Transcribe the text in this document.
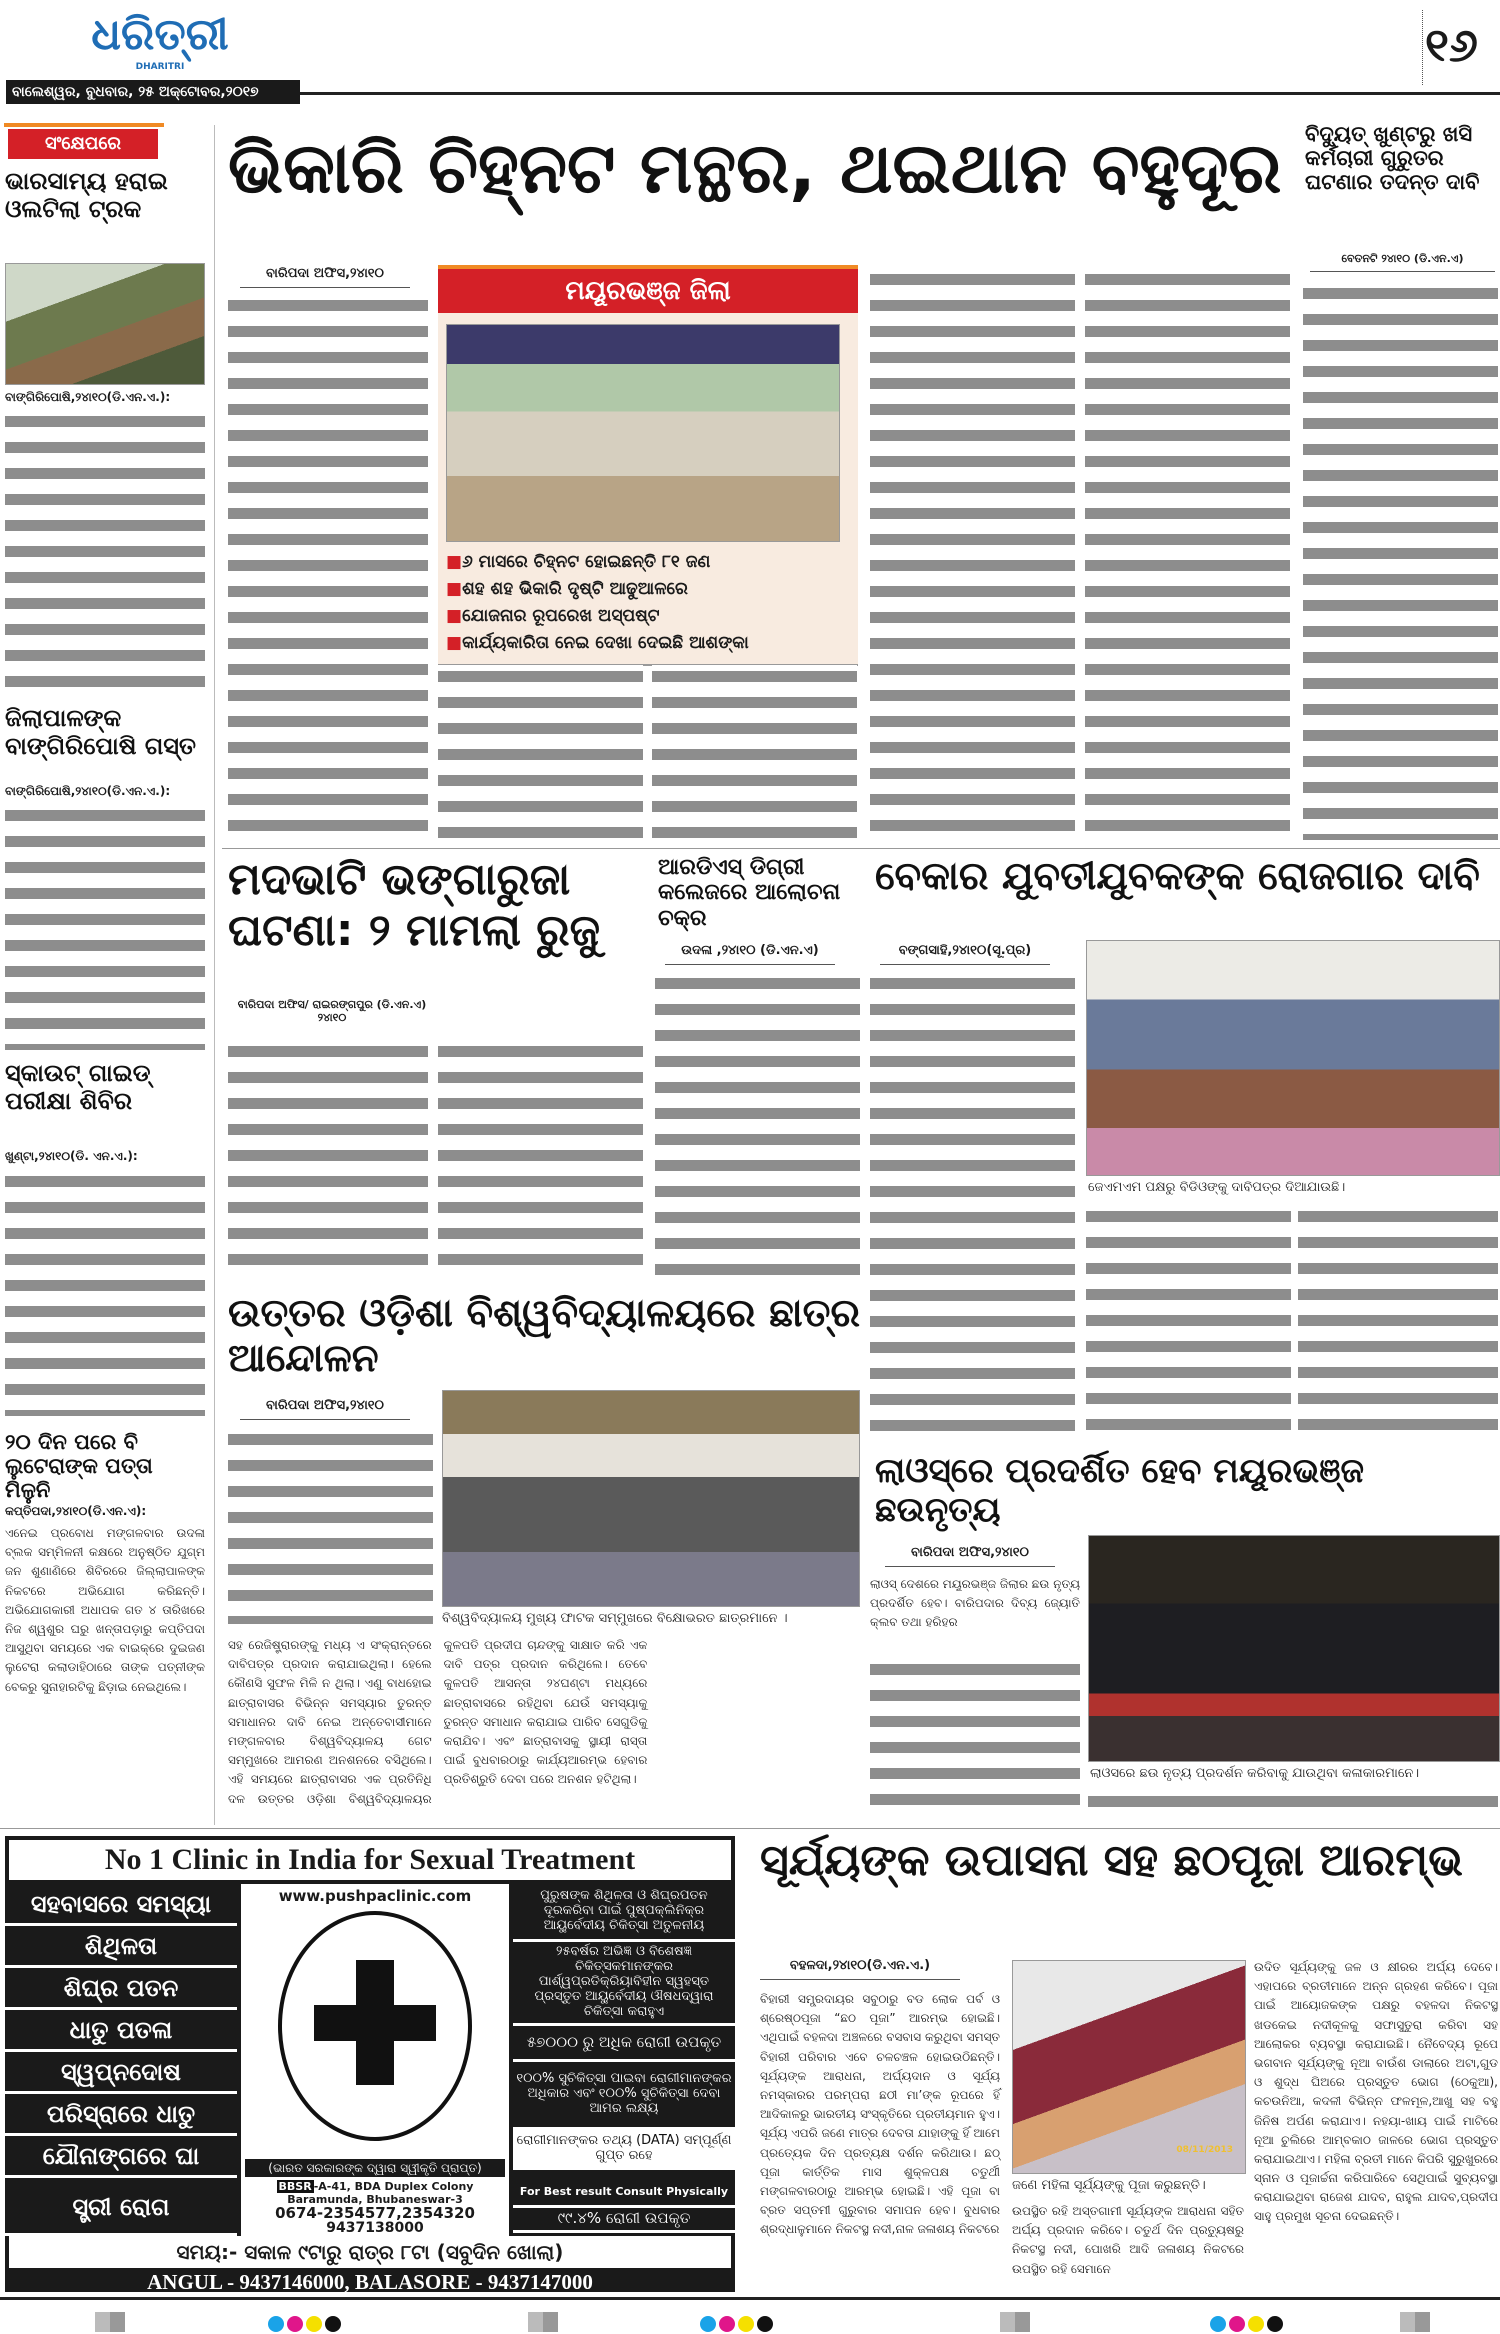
ଧରିତ୍ରୀ
DHARITRI
ବାଲେଶ୍ୱର, ବୁଧବାର, ୨୫ ଅକ୍ଟୋବର,୨୦୧୭
୧୬
ସଂକ୍ଷେପରେ
ଭାରସାମ୍ୟ ହରାଇ ଓଲଟିଲା ଟ୍ରକ
ବାଙ୍ଗିରିପୋଷି,୨୪ା୧୦(ଡି.ଏନ.ଏ.):
ଜିଲାପାଳଙ୍କ ବାଙ୍ଗିରିପୋଷି ଗସ୍ତ
ବାଙ୍ଗିରିପୋଷି,୨୪ା୧୦(ଡି.ଏନ.ଏ.):
ସ୍କାଉଟ୍ ଗାଇଡ୍ ପରୀକ୍ଷା ଶିବିର
ଖୁଣ୍ଟା,୨୪ା୧୦(ଡି. ଏନ.ଏ.):
୨୦ ଦିନ ପରେ ବି ଲୁଟେରାଙ୍କ ପତ୍ତା ମିଳୁନି
କପ୍ତିପଦା,୨୪ା୧୦(ଡି.ଏନ.ଏ):
ଏନେଇ ପ୍ରବୋଧ ମଙ୍ଗଳବାର ଉଦଳା ବ୍ଲକ ସମ୍ମିଳନୀ କକ୍ଷରେ ଅନୁଷ୍ଠିତ ଯୁଗ୍ମ ଜନ ଶୁଣାଣିରେ ଶିବିରରେ ଜିଲ୍ଲାପାଳଙ୍କ ନିକଟରେ ଅଭିଯୋଗ କରିଛନ୍ତି। ଅଭିଯୋଗକାରୀ ଅଧାପକ ଗତ ୪ ତାରିଖରେ ନିଜ ଶ୍ୱଶୁର ଘରୁ ଖନ୍ତାପଡ଼ାରୁ କପ୍ତିପଦା ଆସୁଥିବା ସମୟରେ ଏକ ବାଇକ୍‌ରେ ଦୁଇଜଣ ଲୁଟେରା କଲାଡାହିଠାରେ ତାଙ୍କ ପତ୍ନୀଙ୍କ ବେକରୁ ସୁନାହାରଟିକୁ ଛିଡ଼ାଇ ନେଇଥିଲେ।
ଭିକାରି ଚିହ୍ନଟ ମନ୍ଥର, ଥଇଥାନ ବହୁଦୂର
ବାରିପଦା ଅଫିସ,୨୪ା୧୦
ମୟୂରଭଞ୍ଜ ଜିଲା
■୬ ମାସରେ ଚିହ୍ନଟ ହୋଇଛନ୍ତି ୮୧ ଜଣ
■ଶହ ଶହ ଭିକାରି ଦୃଷ୍ଟି ଆଢୁଆଳରେ
■ଯୋଜନାର ରୂପରେଖ ଅସ୍ପଷ୍ଟ
■କାର୍ଯ୍ୟକାରିତା ନେଇ ଦେଖା ଦେଇଛି ଆଶଙ୍କା
ବିଦ୍ୟୁତ୍ ଖୁଣ୍ଟରୁ ଖସି କର୍ମଚାରୀ ଗୁରୁତର ଘଟଣାର ତଦନ୍ତ ଦାବି
ବେତନଟି ୨୪ା୧୦ (ଡି.ଏନ.ଏ)
ମଦଭାଟି ଭଙ୍ଗାରୁଜା ଘଟଣା: ୨ ମାମଲା ରୁଜୁ
ବାରିପଦା ଅଫିସ/ ରାଇରଙ୍ଗପୁର (ଡି.ଏନ.ଏ) ୨୪ା୧୦
ଆରଡିଏସ୍ ଡିଗ୍ରୀ କଲେଜରେ ଆଲୋଚନା ଚକ୍ର
ଉଦଳା ,୨୪ା୧୦ (ଡି.ଏନ.ଏ)
ବେକାର ଯୁବତୀଯୁବକଙ୍କ ରୋଜଗାର ଦାବି
ବଙ୍ଗସାହି,୨୪ା୧୦(ସୂ.ପ୍ର)
ଜେଏମଏମ ପକ୍ଷରୁ ବିଡିଓଙ୍କୁ ଦାବିପତ୍ର ଦିଆଯାଉଛି।
ଉତ୍ତର ଓଡ଼ିଶା ବିଶ୍ୱବିଦ୍ୟାଳୟରେ ଛାତ୍ର ଆନ୍ଦୋଳନ
ବାରିପଦା ଅଫିସ,୨୪ା୧୦
ବିଶ୍ୱବିଦ୍ୟାଳୟ ମୁଖ୍ୟ ଫାଟକ ସମ୍ମୁଖରେ ବିକ୍ଷୋଭରତ ଛାତ୍ରମାନେ ।
ସହ ରେଜିଷ୍ଟ୍ରାରଙ୍କୁ ମଧ୍ୟ ଏ ସଂକ୍ରାନ୍ତରେ ଦାବିପତ୍ର ପ୍ରଦାନ କରାଯାଇଥିଲା। ହେଲେ କୌଣସି ସୁଫଳ ମିଳି ନ ଥିଲା। ଏଣୁ ବାଧହୋଇ ଛାତ୍ରାବାସର ବିଭିନ୍ନ ସମସ୍ୟାର ତୁରନ୍ତ ସମାଧାନର ଦାବି ନେଇ ଅନ୍ତେବାସୀମାନେ ମଙ୍ଗଳବାର ବିଶ୍ୱବିଦ୍ୟାଳୟ ଗେଟ ସମ୍ମୁଖରେ ଆମରଣ ଅନଶନରେ ବସିଥିଲେ। ଏହି ସମୟରେ ଛାତ୍ରାବାସର ଏକ ପ୍ରତିନିଧି ଦଳ ଉତ୍ତର ଓଡ଼ିଶା ବିଶ୍ୱବିଦ୍ୟାଳୟର କୁଳପତି ପ୍ରଦୀପ ଚାନ୍ଦଙ୍କୁ ସାକ୍ଷାତ କରି ଏକ ଦାବି ପତ୍ର ପ୍ରଦାନ କରିଥିଲେ। ତେବେ କୁଳପତି ଆସନ୍ତା ୨୪ଘଣ୍ଟା ମଧ୍ୟରେ ଛାତ୍ରାବାସରେ ରହିଥିବା ଯେଉଁ ସମସ୍ୟାକୁ ତୁରନ୍ତ ସମାଧାନ କରାଯାଇ ପାରିବ ସେଗୁଡିକୁ କରାଯିବ। ଏବଂ ଛାତ୍ରାବାସକୁ ସ୍ଥାୟୀ ରାସ୍ତା ପାଇଁ ବୁଧବାରଠାରୁ କାର୍ଯ୍ୟଆରମ୍ଭ ହେବାର ପ୍ରତିଶ୍ରୁତି ଦେବା ପରେ ଅନଶନ ହଟିଥିଲା।
ଲାଓସ୍‌ରେ ପ୍ରଦର୍ଶିତ ହେବ ମୟୂରଭଞ୍ଜ ଛଉନୃତ୍ୟ
ବାରିପଦା ଅଫିସ,୨୪ା୧୦
ଲାଓସ୍ ଦେଶରେ ମୟୂରଭଞ୍ଜ ଜିଲାର ଛଉ ନୃତ୍ୟ ପ୍ରଦର୍ଶିତ ହେବ। ବାରିପଦାର ଦିବ୍ୟ ଜ୍ୟୋତି କ୍ଲବ ତଥା ହରିହର
ଲାଓସରେ ଛଉ ନୃତ୍ୟ ପ୍ରଦର୍ଶନ କରିବାକୁ ଯାଉଥିବା କଳାକାରମାନେ।
No 1 Clinic in India for Sexual Treatment
ସହବାସରେ ସମସ୍ୟା
ଶିଥିଳତା
ଶିଘ୍ର ପତନ
ଧାତୁ ପତଳା
ସ୍ୱପ୍ନଦୋଷ
ପରିସ୍ରାରେ ଧାତୁ
ଯୌନାଙ୍ଗରେ ଘା
www.pushpaclinic.com
(ଭାରତ ସରକାରଙ୍କ ଦ୍ୱାରା ସ୍ୱୀକୃତି ପ୍ରାପ୍ତ)
ପୁରୁଷଙ୍କ ଶିଥିଳତା ଓ ଶିଘ୍ରପତନ ଦୂରକରିବା ପାଇଁ ପୁଷ୍ପକ୍ଲିନିକ୍‌ର ଆୟୁର୍ବେଦୀୟ ଚିକିତ୍ସା ଅତୁଳନୀୟ
୨୫ବର୍ଷର ଅଭିଜ୍ଞ ଓ ବିଶେଷଜ୍ଞ ଚିକିତ୍ସକମାନଙ୍କର ପାର୍ଶ୍ୱପ୍ରତିକ୍ରିୟାବିହୀନ ସ୍ୱହସ୍ତ ପ୍ରସ୍ତୁତ ଆୟୁର୍ବେଦୀୟ ଔଷଧଦ୍ୱାରା ଚିକିତ୍ସା କରାହୁଏ
୫୭୦୦୦ ରୁ ଅଧିକ ରୋଗୀ ଉପକୃତ
୧୦୦% ସୁଚିକିତ୍ସା ପାଇବା ରୋଗୀମାନଙ୍କର ଅଧିକାର ଏବଂ ୧୦୦% ସୁଚିକିତ୍ସା ଦେବା ଆମର ଲକ୍ଷ୍ୟ
ରୋଗୀମାନଙ୍କର ତଥ୍ୟ (DATA) ସମ୍ପୂର୍ଣ୍ଣ ଗୁପ୍ତ ରହେ
ସ୍ତ୍ରୀ ରୋଗ
BBSR -A-41, BDA Duplex Colony
Baramunda, Bhubaneswar-3
0674-2354577,2354320
9437138000
For Best result Consult Physically
୯୯.୪% ରୋଗୀ ଉପକୃତ
ସମୟ:- ସକାଳ ୯ଟାରୁ ରାତ୍ର ୮ଟା (ସବୁଦିନ ଖୋଲା)
ANGUL - 9437146000, BALASORE - 9437147000
ସୂର୍ଯ୍ୟଙ୍କ ଉପାସନା ସହ ଛଠପୂଜା ଆରମ୍ଭ
ବହଳଦା,୨୪ା୧୦(ଡି.ଏନ.ଏ.)
ବିହାରୀ ସମ୍ପ୍ରଦାୟର ସବୁଠାରୁ ବଡ ଲୋକ ପର୍ବ ଓ ଶ୍ରେଷ୍ଠପୂଜା “ଛଠ ପୂଜା” ଆରମ୍ଭ ହୋଇଛି। ଏଥିପାଇଁ ବହଳଦା ଅଞ୍ଚଳରେ ବସବାସ କରୁଥିବା ସମସ୍ତ ବିହାରୀ ପରିବାର ଏବେ ଚଳଚଞ୍ଚଳ ହୋଇଉଠିଛନ୍ତି। ସୂର୍ଯ୍ୟଙ୍କ ଆରାଧନା, ଅର୍ଘ୍ୟଦାନ ଓ ସୂର୍ଯ୍ୟ ନମସ୍କାରର ପରମ୍ପରା ଛଠୀ ମା’ଙ୍କ ରୂପରେ ହିଁ ଆଦିକାଳରୁ ଭାରତୀୟ ସଂସ୍କୃତିରେ ପ୍ରତୀୟମାନ ହୁଏ। ସୂର୍ଯ୍ୟ ଏପରି ଜଣେ ମାତ୍ର ଦେବତା ଯାହାଙ୍କୁ ହିଁ ଆମେ ପ୍ରତ୍ୟେକ ଦିନ ପ୍ରତ୍ୟକ୍ଷ ଦର୍ଶନ କରିଥାଉ। ଛଠ୍ ପୂଜା କାର୍ତ୍ତିକ ମାସ ଶୁକ୍ଳପକ୍ଷ ଚତୁର୍ଥୀ ମଙ୍ଗଳବାରଠାରୁ ଆରମ୍ଭ ହୋଇଛି। ଏହି ପୂଜା ବା ବ୍ରତ ସପ୍ତମୀ ଗୁରୁବାର ସମାପନ ହେବ। ବୁଧବାର ଶ୍ରଦ୍ଧାଳୁମାନେ ନିକଟସ୍ଥ ନଦୀ,ନାଳ ଜଳାଶୟ ନିକଟରେ
08/11/2013
ଜଣେ ମହିଳା ସୂର୍ଯ୍ୟଙ୍କୁ ପୂଜା କରୁଛନ୍ତି।
ଉପସ୍ଥିତ ରହି ଅସ୍ତଗାମୀ ସୂର୍ଯ୍ୟଙ୍କ ଆରାଧନା ସହିତ ଅର୍ଘ୍ୟ ପ୍ରଦାନ କରିବେ। ଚତୁର୍ଥ ଦିନ ପ୍ରତ୍ୟୁଷରୁ ନିକଟସ୍ଥ ନଦୀ, ପୋଖରି ଆଦି ଜଳାଶୟ ନିକଟରେ ଉପସ୍ଥିତ ରହି ସେମାନେ
ଉଦିତ ସୂର୍ଯ୍ୟଙ୍କୁ ଜଳ ଓ କ୍ଷୀରର ଅର୍ଘ୍ୟ ଦେବେ। ଏହାପରେ ବ୍ରତୀମାନେ ଅନ୍ନ ଗ୍ରହଣ କରିବେ। ପୂଜା ପାଇଁ ଆୟୋଜକଙ୍କ ପକ୍ଷରୁ ବହଳଦା ନିକଟସ୍ଥ ଖଡକେଇ ନଦୀକୂଳକୁ ସଫାସୁତୁରା କରିବା ସହ ଆଲୋକର ବ୍ୟବସ୍ଥା କରାଯାଇଛି। ନୈବେଦ୍ୟ ରୂପେ ଭଗବାନ ସୂର୍ଯ୍ୟଙ୍କୁ ନୂଆ ବାଉଁଶ ଡାଲାରେ ଅଟା,ଗୁଡ ଓ ଶୁଦ୍ଧ ଘିଅରେ ପ୍ରସ୍ତୁତ ଭୋଗ (ଠେକୁଆ), କଚଉନିଆ, କଦଳୀ ବିଭିନ୍ନ ଫଳମୂଳ,ଆଖୁ ସହ ବହୁ ଜିନିଷ ଅର୍ପଣ କରାଯାଏ। ନହୟା-ଖାୟ ପାଇଁ ମାଟିରେ ନୂଆ ଚୁଲିରେ ଆମ୍ବକାଠ ଜାଳରେ ଭୋଗ ପ୍ରସ୍ତୁତ କରାଯାଇଥାଏ। ମହିଳା ବ୍ରତୀ ମାନେ କିପରି ସୁରୁଖୁରରେ ସ୍ନାନ ଓ ପୂଜାର୍ଚ୍ଚନା କରିପାରିବେ ସେଥିପାଇଁ ସୁବ୍ୟବସ୍ଥା କରାଯାଇଥିବା ରାଜେଶ ଯାଦବ, ରାହୁଲ ଯାଦବ,ପ୍ରଦୀପ ସାହୁ ପ୍ରମୁଖ ସୂଚନା ଦେଇଛନ୍ତି।
